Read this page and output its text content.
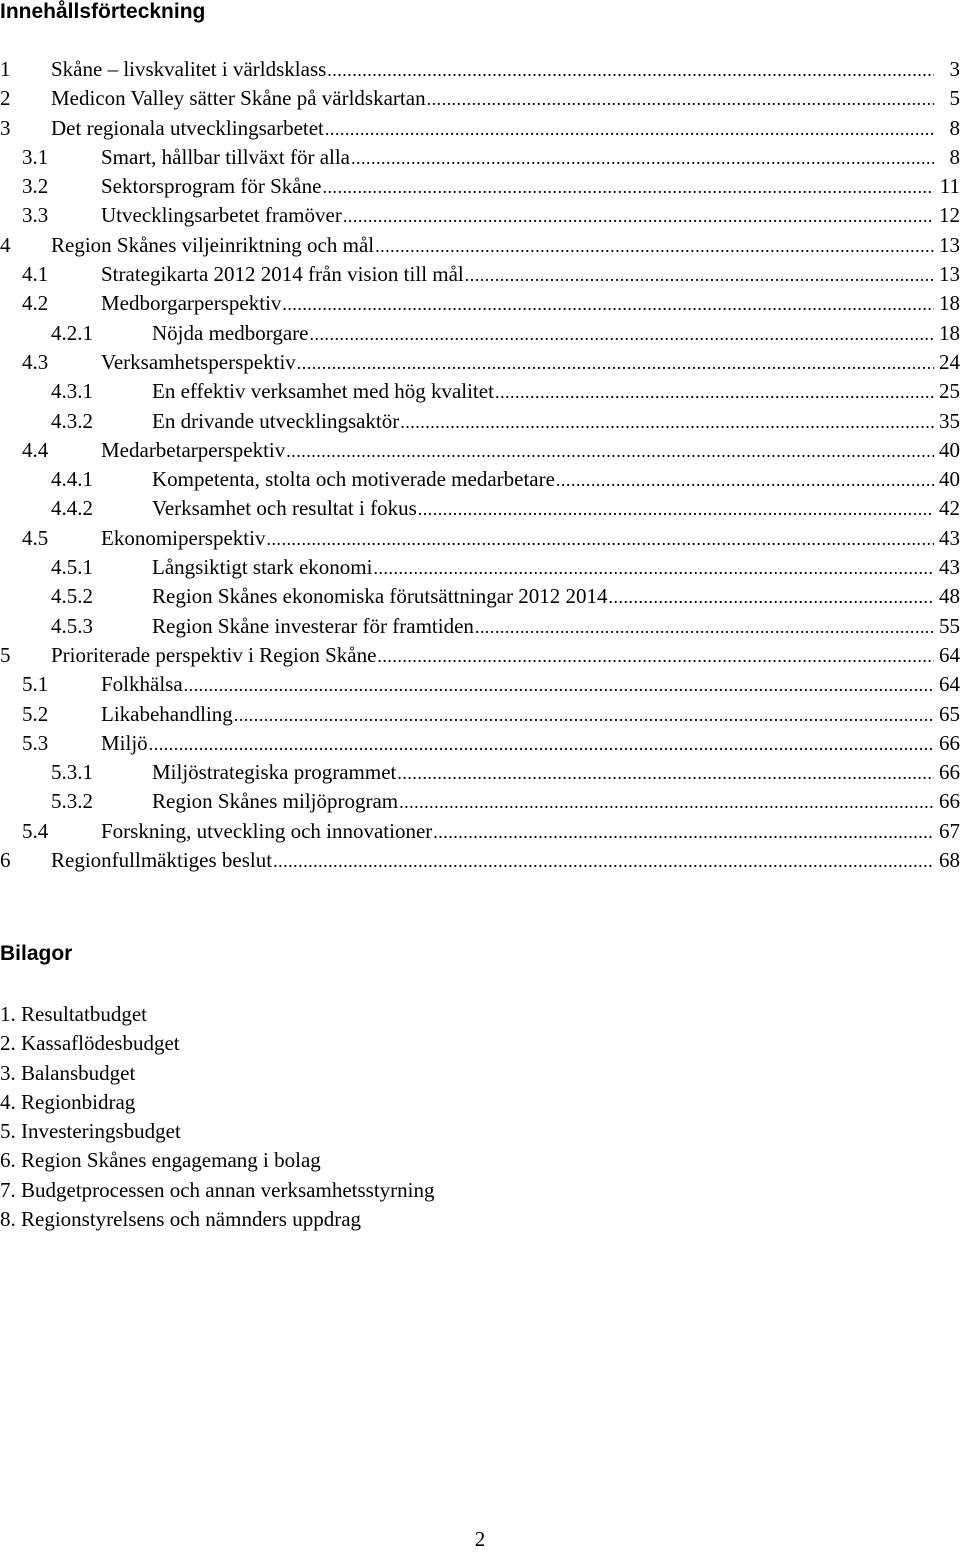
Innehållsförteckning
1 Skåne – livskvalitet i världsklass .....	3
2 Medicon Valley sätter Skåne på världskartan .....	5
3 Det regionala utvecklingsarbetet .....	8
3.1	Smart, hållbar tillväxt för alla .....	8
3.2	Sektorsprogram för Skåne .....	11
3.3	Utvecklingsarbetet framöver .....	12
4 Region Skånes viljeinriktning och mål .....	13
4.1	Strategikarta 2012 2014 från vision till mål .....	13
4.2	Medborgarperspektiv .....	18
4.2.1	Nöjda medborgare .....	18
4.3	Verksamhetsperspektiv .....	24
4.3.1	En effektiv verksamhet med hög kvalitet .....	25
4.3.2	En drivande utvecklingsaktör .....	35
4.4	Medarbetarperspektiv .....	40
4.4.1	Kompetenta, stolta och motiverade medarbetare .....	40
4.4.2	Verksamhet och resultat i fokus .....	42
4.5	Ekonomiperspektiv .....	43
4.5.1	Långsiktigt stark ekonomi .....	43
4.5.2	Region Skånes ekonomiska förutsättningar 2012 2014 .....	48
4.5.3	Region Skåne investerar för framtiden .....	55
5 Prioriterade perspektiv i Region Skåne .....	64
5.1	Folkhälsa .....	64
5.2	Likabehandling .....	65
5.3	Miljö .....	66
5.3.1	Miljöstrategiska programmet .....	66
5.3.2	Region Skånes miljöprogram .....	66
5.4	Forskning, utveckling och innovationer .....	67
6 Regionfullmäktiges beslut .....	68
Bilagor
1. Resultatbudget
2. Kassaflödesbudget
3. Balansbudget
4. Regionbidrag
5. Investeringsbudget
6. Region Skånes engagemang i bolag
7. Budgetprocessen och annan verksamhetsstyrning
8. Regionstyrelsens och nämnders uppdrag
2
